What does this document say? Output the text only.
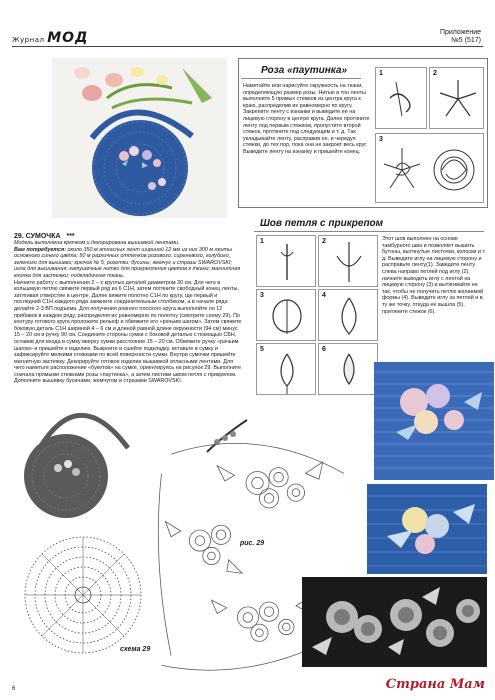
Журнал МОД	Приложение
№5 (517)
Роза «паутинка»
Наметайте или нарисуйте окружность на ткани, определяющую размер розы. Нитью в тон ленты выполните 5 прямых стежков из центра круга к краю, распределив их равномерно по кругу. Закрепите ленту с изнанки и выведите ее на лицевую сторону в центре круга. Далее протяните ленту под первым стежком, пропустите второй стежок, протяните под следующим и т. д. Так укладывайте ленту, расправив ее, и чередуя стежки, до тех пор, пока она не закроет весь круг. Выведите ленту на изнанку и пришейте конец.
1	2
3
29. СУМОЧКА ***
Модель выполнена крючком и декорирована вышивкой лентами.
Вам потребуется: около 350 м атласных лент шириной 12 мм из них 300 м ленты основного синего цвета; 50 м различных оттенков розового, сиреневого, голубого, зеленого для вышивки; крючок № 5; розетки; бусины, жемчуг и стразы SWAROVSKI; игла для вышивания; катушечные нитки для прикрепления цветов к ткани; магнитная кнопка для застежки; подкладочная ткань.
Начните работу с выполнения 2 – х круглых деталей диаметром 30 см. Для чего в кольцевую петлю свяжите первый ряд из 6 С1Н, затем потяните свободный конец ленты, затягивая отверстие в центре. Далее вяжите полотно С1Н по кругу, где первый и последний С1Н каждого ряда замкните соединительным столбиком, а в начале ряда делайте 2-3 ВП подъема. Для получения ровного плоского круга выполняйте по 12 прибавок в каждом ряду, распределяя их равномерно по полотну (смотрите схему 29). По контуру готового круга проложите рельеф и обвяжите его «рачьим шагом». Затем свяжите боковую деталь С1Н шириной 4 – 6 см и длиной равной длине окружности (94 см) минус 15 – 20 см и ручку 90 см. Соедините стороны сумки с боковой деталью с помощью СБН, оставив для входа в сумку вверху сумки расстояние 15 – 20 см. Обвяжите ручку «рачьим шагом» и пришейте к изделию. Выкроите и сшейте подкладку, вставьте в сумку и зафиксируйте мелкими стежками по всей поверхности сумки. Внутри сумочки пришейте магнитную застежку. Декорируйте готовое изделие вышивкой атласными лентами. Для чего наметьте расположение «букетов» на сумке, ориентируясь на рисунок 29. Выполните сначала прямыми стежками розы «паутинка», а затем листики швом петля с прикрепом. Дополните вышивку бусинами, жемчугом и стразами SWAROVSKI.
Шов петля с прикрепом
Этот шов выполнен на основе тамбурного шва и позволяет вышить бутоны, вытянутые листочки, колоски и т. д. Выведите иглу на лицевую сторону и расправьте ленту(1). Заведите ленту слева направо петлей под иглу (2), начните выводить иглу с лентой на лицевую сторону (3) и вытягивайте ее так, чтобы не получить петлю желаемой формы (4). Выведите иглу за петлей и в ту же точку, откуда ее вышла (5), притяните стежок (6).
1	2
3	4
5	6
схема 29
рис. 29
6	Страна Мам
